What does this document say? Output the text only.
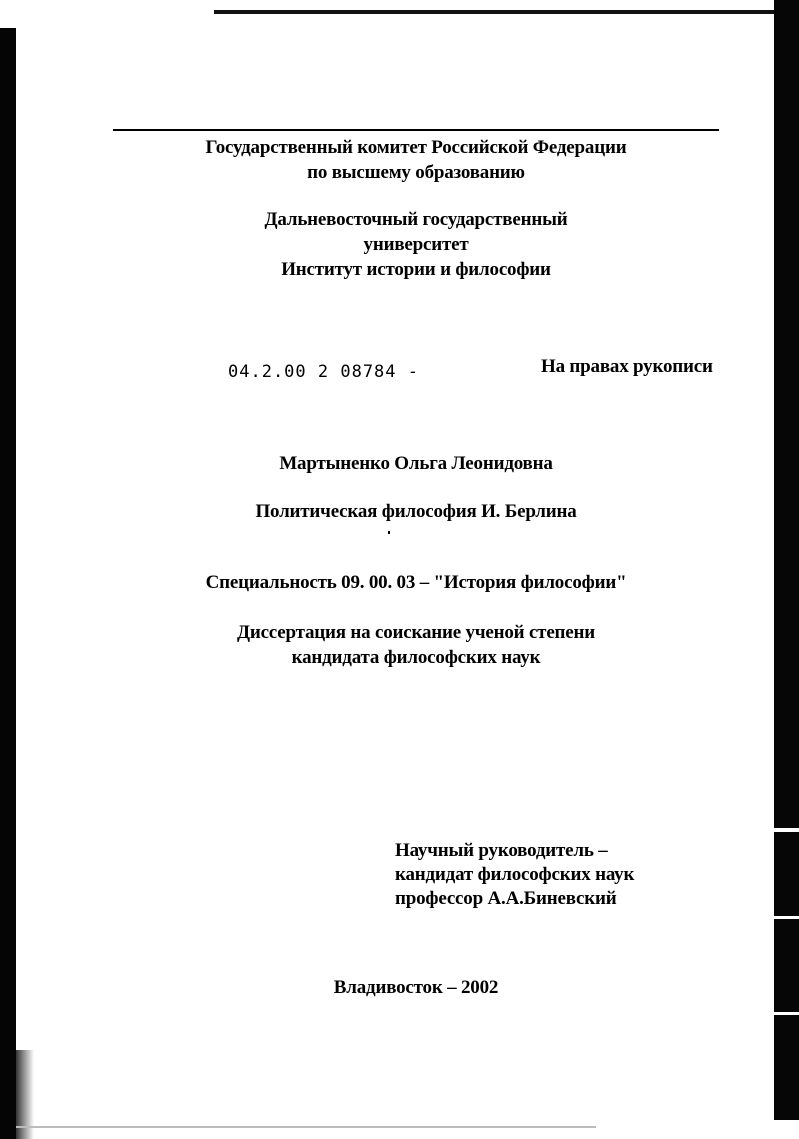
Государственный комитет Российской Федерации
по высшему образованию
Дальневосточный государственный
университет
Институт истории и философии
04.2.00 2 08784 -	На правах рукописи
Мартыненко Ольга Леонидовна
Политическая философия И. Берлина
Специальность 09. 00. 03 – "История философии"
Диссертация на соискание ученой степени
кандидата философских наук
Научный руководитель –
кандидат философских наук
профессор А.А.Биневский
Владивосток – 2002
